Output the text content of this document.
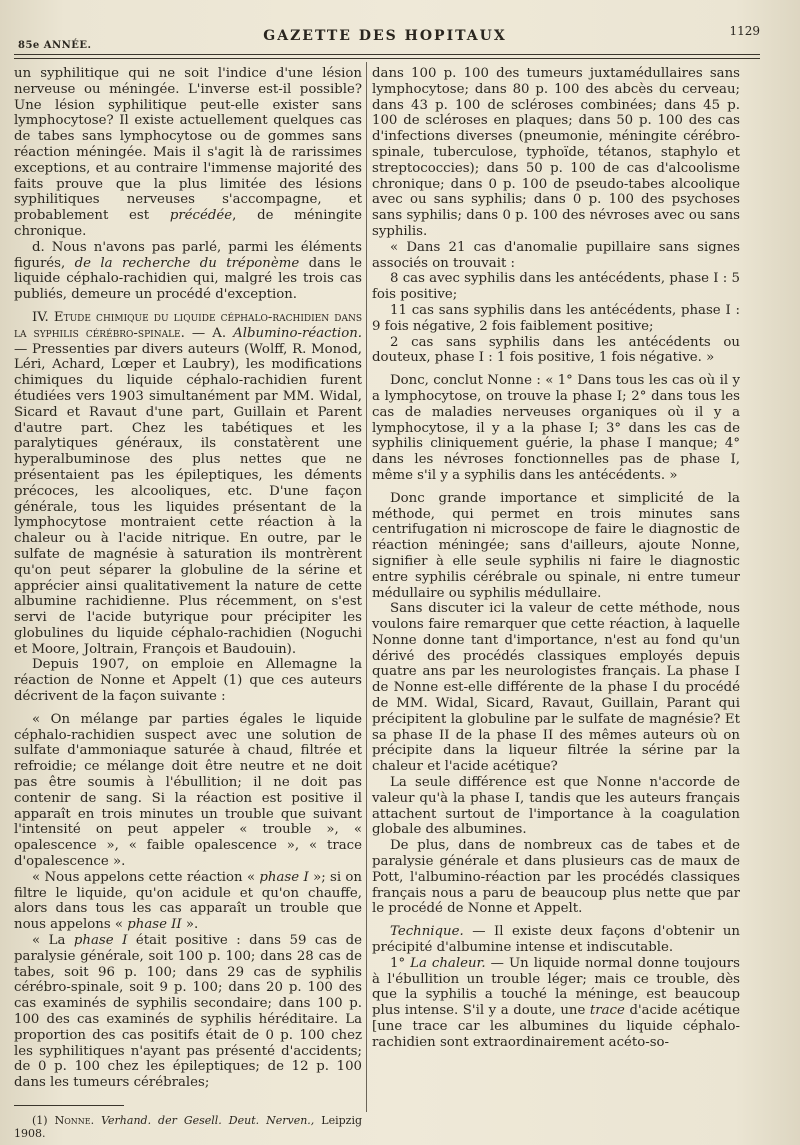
85e ANNÉE.
GAZETTE DES HOPITAUX	1129

un syphilitique qui ne soit l'indice d'une lésion nerveuse ou méningée. L'inverse est-il possible? Une lésion syphilitique peut-elle exister sans lymphocytose? Il existe actuellement quelques cas de tabes sans lymphocytose ou de gommes sans réaction méningée. Mais il s'agit là de rarissimes exceptions, et au contraire l'immense majorité des faits prouve que la plus limitée des lésions syphilitiques nerveuses s'accompagne, et probablement est précédée, de méningite chronique.

d. Nous n'avons pas parlé, parmi les éléments figurés, de la recherche du tréponème dans le liquide céphalo-rachidien qui, malgré les trois cas publiés, demeure un procédé d'exception.

IV. Etude chimique du liquide céphalo-rachidien dans la syphilis cérébro-spinale. — A. Albumino-réaction. — Pressenties par divers auteurs (Wolff, R. Monod, Léri, Achard, Lœper et Laubry), les modifications chimiques du liquide céphalo-rachidien furent étudiées vers 1903 simultanément par MM. Widal, Sicard et Ravaut d'une part, Guillain et Parent d'autre part. Chez les tabétiques et les paralytiques généraux, ils constatèrent une hyperalbuminose des plus nettes que ne présentaient pas les épileptiques, les déments précoces, les alcooliques, etc. D'une façon générale, tous les liquides présentant de la lymphocytose montraient cette réaction à la chaleur ou à l'acide nitrique. En outre, par le sulfate de magnésie à saturation ils montrèrent qu'on peut séparer la globuline de la sérine et apprécier ainsi qualitativement la nature de cette albumine rachidienne. Plus récemment, on s'est servi de l'acide butyrique pour précipiter les globulines du liquide céphalo-rachidien (Noguchi et Moore, Joltrain, François et Baudouin).

Depuis 1907, on emploie en Allemagne la réaction de Nonne et Appelt (1) que ces auteurs décrivent de la façon suivante :

« On mélange par parties égales le liquide céphalo-rachidien suspect avec une solution de sulfate d'ammoniaque saturée à chaud, filtrée et refroidie; ce mélange doit être neutre et ne doit pas être soumis à l'ébullition; il ne doit pas contenir de sang. Si la réaction est positive il apparaît en trois minutes un trouble que suivant l'intensité on peut appeler « trouble », « opalescence », « faible opalescence », « trace d'opalescence ».

« Nous appelons cette réaction « phase I »; si on filtre le liquide, qu'on acidule et qu'on chauffe, alors dans tous les cas apparaît un trouble que nous appelons « phase II ».

« La phase I était positive : dans 59 cas de paralysie générale, soit 100 p. 100; dans 28 cas de tabes, soit 96 p. 100; dans 29 cas de syphilis cérébro-spinale, soit 9 p. 100; dans 20 p. 100 des cas examinés de syphilis secondaire; dans 100 p. 100 des cas examinés de syphilis héréditaire. La proportion des cas positifs était de 0 p. 100 chez les syphilitiques n'ayant pas présenté d'accidents; de 0 p. 100 chez les épileptiques; de 12 p. 100 dans les tumeurs cérébrales;

(1) Nonne. Verhand. der Gesell. Deut. Nerven., Leipzig 1908.

dans 100 p. 100 des tumeurs juxtamédullaires sans lymphocytose; dans 80 p. 100 des abcès du cerveau; dans 43 p. 100 de scléroses combinées; dans 45 p. 100 de scléroses en plaques; dans 50 p. 100 des cas d'infections diverses (pneumonie, méningite cérébro-spinale, tuberculose, typhoïde, tétanos, staphylo et streptococcies); dans 50 p. 100 de cas d'alcoolisme chronique; dans 0 p. 100 de pseudo-tabes alcoolique avec ou sans syphilis; dans 0 p. 100 des psychoses sans syphilis; dans 0 p. 100 des névroses avec ou sans syphilis.

« Dans 21 cas d'anomalie pupillaire sans signes associés on trouvait :

8 cas avec syphilis dans les antécédents, phase I : 5 fois positive;

11 cas sans syphilis dans les antécédents, phase I : 9 fois négative, 2 fois faiblement positive;

2 cas sans syphilis dans les antécédents ou douteux, phase I : 1 fois positive, 1 fois négative. »

Donc, conclut Nonne : « 1° Dans tous les cas où il y a lymphocytose, on trouve la phase I; 2° dans tous les cas de maladies nerveuses organiques où il y a lymphocytose, il y a la phase I; 3° dans les cas de syphilis cliniquement guérie, la phase I manque; 4° dans les névroses fonctionnelles pas de phase I, même s'il y a syphilis dans les antécédents. »

Donc grande importance et simplicité de la méthode, qui permet en trois minutes sans centrifugation ni microscope de faire le diagnostic de réaction méningée; sans d'ailleurs, ajoute Nonne, signifier à elle seule syphilis ni faire le diagnostic entre syphilis cérébrale ou spinale, ni entre tumeur médullaire ou syphilis médullaire.

Sans discuter ici la valeur de cette méthode, nous voulons faire remarquer que cette réaction, à laquelle Nonne donne tant d'importance, n'est au fond qu'un dérivé des procédés classiques employés depuis quatre ans par les neurologistes français. La phase I de Nonne est-elle différente de la phase I du procédé de MM. Widal, Sicard, Ravaut, Guillain, Parant qui précipitent la globuline par le sulfate de magnésie? Et sa phase II de la phase II des mêmes auteurs où on précipite dans la liqueur filtrée la sérine par la chaleur et l'acide acétique?

La seule différence est que Nonne n'accorde de valeur qu'à la phase I, tandis que les auteurs français attachent surtout de l'importance à la coagulation globale des albumines.

De plus, dans de nombreux cas de tabes et de paralysie générale et dans plusieurs cas de maux de Pott, l'albumino-réaction par les procédés classiques français nous a paru de beaucoup plus nette que par le procédé de Nonne et Appelt.

Technique. — Il existe deux façons d'obtenir un précipité d'albumine intense et indiscutable.

1° La chaleur. — Un liquide normal donne toujours à l'ébullition un trouble léger; mais ce trouble, dès que la syphilis a touché la méninge, est beaucoup plus intense. S'il y a doute, une trace d'acide acétique [une trace car les albumines du liquide céphalo-rachidien sont extraordinairement acéto-so-
